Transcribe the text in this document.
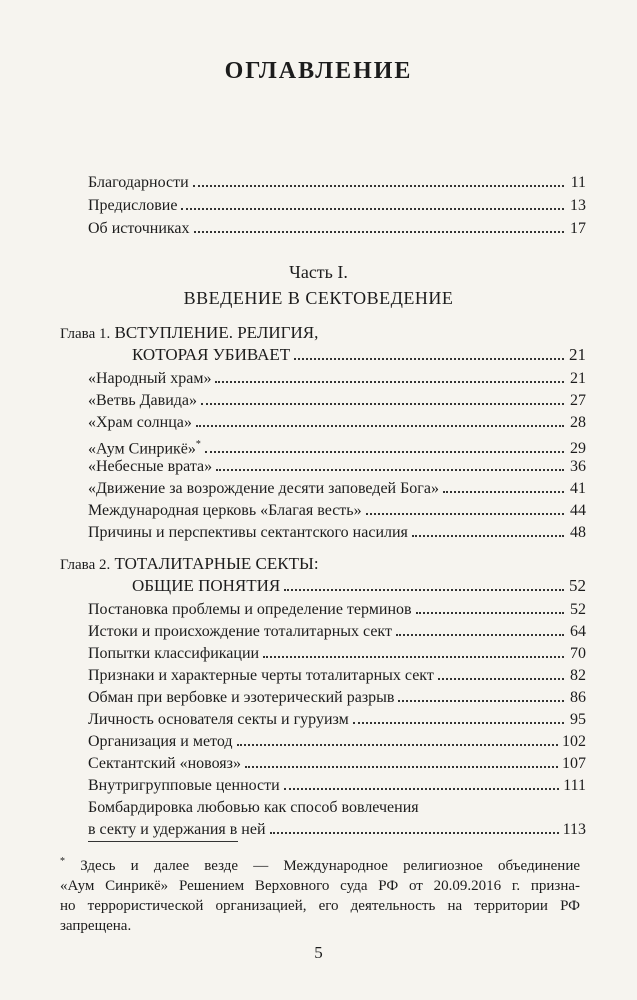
ОГЛАВЛЕНИЕ
Благодарности	11
Предисловие	13
Об источниках	17
Часть I.
ВВЕДЕНИЕ В СЕКТОВЕДЕНИЕ
Глава 1. ВСТУПЛЕНИЕ. РЕЛИГИЯ,
КОТОРАЯ УБИВАЕТ	21
«Народный храм»	21
«Ветвь Давида»	27
«Храм солнца»	28
«Аум Синрикё»*	29
«Небесные врата»	36
«Движение за возрождение десяти заповедей Бога»	41
Международная церковь «Благая весть»	44
Причины и перспективы сектантского насилия	48
Глава 2. ТОТАЛИТАРНЫЕ СЕКТЫ:
ОБЩИЕ ПОНЯТИЯ	52
Постановка проблемы и определение терминов	52
Истоки и происхождение тоталитарных сект	64
Попытки классификации	70
Признаки и характерные черты тоталитарных сект	82
Обман при вербовке и эзотерический разрыв	86
Личность основателя секты и гуруизм	95
Организация и метод	102
Сектантский «новояз»	107
Внутригрупповые ценности	111
Бомбардировка любовью как способ вовлечения
в секту и удержания в ней	113
* Здесь и далее везде — Международное религиозное объединение
«Аум Синрикё» Решением Верховного суда РФ от 20.09.2016 г. призна-
но террористической организацией, его деятельность на территории РФ
запрещена.
5
